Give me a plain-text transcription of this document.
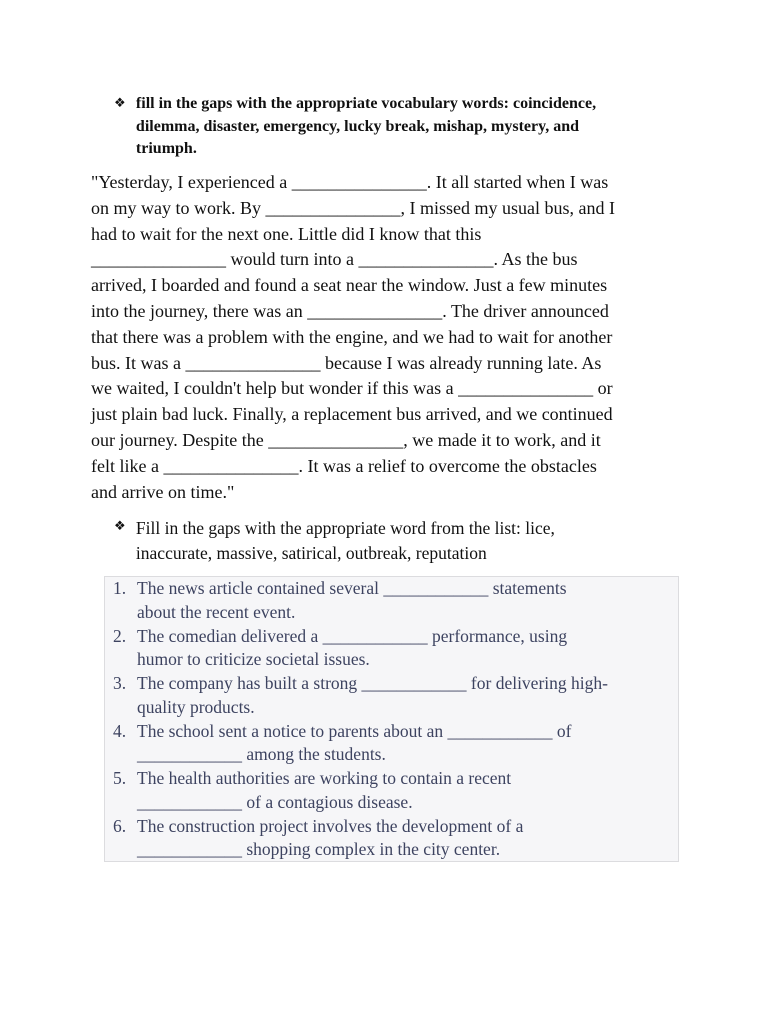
❖ fill in the gaps with the appropriate vocabulary words: coincidence,
dilemma, disaster, emergency, lucky break, mishap, mystery, and
triumph.

"Yesterday, I experienced a _______________. It all started when I was
on my way to work. By _______________, I missed my usual bus, and I
had to wait for the next one. Little did I know that this
_______________ would turn into a _______________. As the bus
arrived, I boarded and found a seat near the window. Just a few minutes
into the journey, there was an _______________. The driver announced
that there was a problem with the engine, and we had to wait for another
bus. It was a _______________ because I was already running late. As
we waited, I couldn't help but wonder if this was a _______________ or
just plain bad luck. Finally, a replacement bus arrived, and we continued
our journey. Despite the _______________, we made it to work, and it
felt like a _______________. It was a relief to overcome the obstacles
and arrive on time."

❖ Fill in the gaps with the appropriate word from the list: lice,
inaccurate, massive, satirical, outbreak, reputation
1. The news article contained several ____________ statements
about the recent event.
2. The comedian delivered a ____________ performance, using
humor to criticize societal issues.
3. The company has built a strong ____________ for delivering high-
quality products.
4. The school sent a notice to parents about an ____________ of
____________ among the students.
5. The health authorities are working to contain a recent
____________ of a contagious disease.
6. The construction project involves the development of a
____________ shopping complex in the city center.
